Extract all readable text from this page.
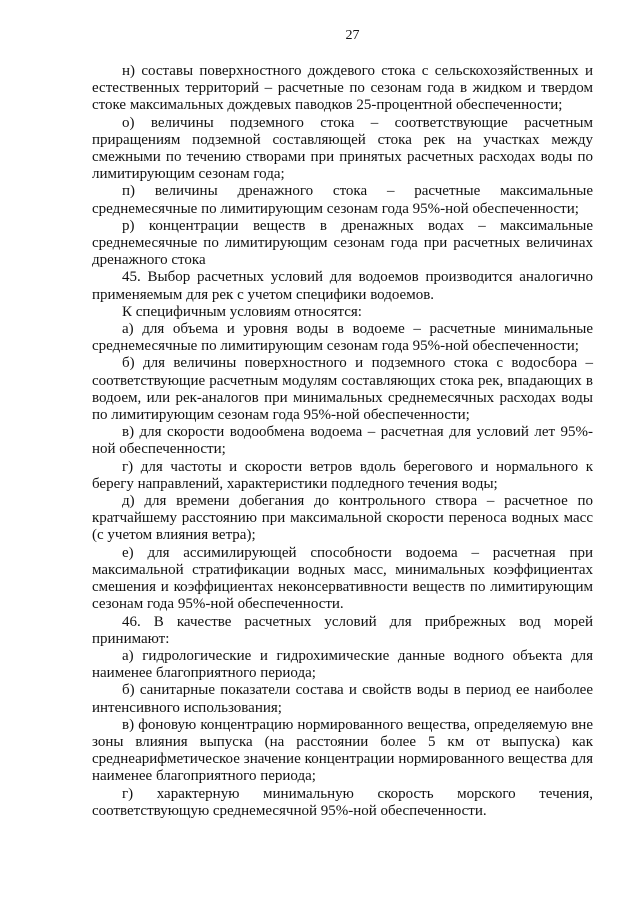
27

н) составы поверхностного дождевого стока с сельскохозяйственных и естественных территорий – расчетные по сезонам года в жидком и твердом стоке максимальных дождевых паводков 25-процентной обеспеченности;

о) величины подземного стока – соответствующие расчетным приращениям подземной составляющей стока рек на участках между смежными по течению створами при принятых расчетных расходах воды по лимитирующим сезонам года;

п) величины дренажного стока – расчетные максимальные среднемесячные по лимитирующим сезонам года 95%-ной обеспеченности;

р) концентрации веществ в дренажных водах – максимальные среднемесячные по лимитирующим сезонам года при расчетных величинах дренажного стока

45. Выбор расчетных условий для водоемов производится аналогично применяемым для рек с учетом специфики водоемов.

К специфичным условиям относятся:

а) для объема и уровня воды в водоеме – расчетные минимальные среднемесячные по лимитирующим сезонам года 95%-ной обеспеченности;

б) для величины поверхностного и подземного стока с водосбора – соответствующие расчетным модулям составляющих стока рек, впадающих в водоем, или рек-аналогов при минимальных среднемесячных расходах воды по лимитирующим сезонам года 95%-ной обеспеченности;

в) для скорости водообмена водоема – расчетная для условий лет 95%-ной обеспеченности;

г) для частоты и скорости ветров вдоль берегового и нормального к берегу направлений, характеристики подледного течения воды;

д) для времени добегания до контрольного створа – расчетное по кратчайшему расстоянию при максимальной скорости переноса водных масс (с учетом влияния ветра);

е) для ассимилирующей способности водоема – расчетная при максимальной стратификации водных масс, минимальных коэффициентах смешения и коэффициентах неконсервативности веществ по лимитирующим сезонам года 95%-ной обеспеченности.

46. В качестве расчетных условий для прибрежных вод морей принимают:

а) гидрологические и гидрохимические данные водного объекта для наименее благоприятного периода;

б) санитарные показатели состава и свойств воды в период ее наиболее интенсивного использования;

в) фоновую концентрацию нормированного вещества, определяемую вне зоны влияния выпуска (на расстоянии более 5 км от выпуска) как среднеарифметическое значение концентрации нормированного вещества для наименее благоприятного периода;

г) характерную минимальную скорость морского течения, соответствующую среднемесячной 95%-ной обеспеченности.
